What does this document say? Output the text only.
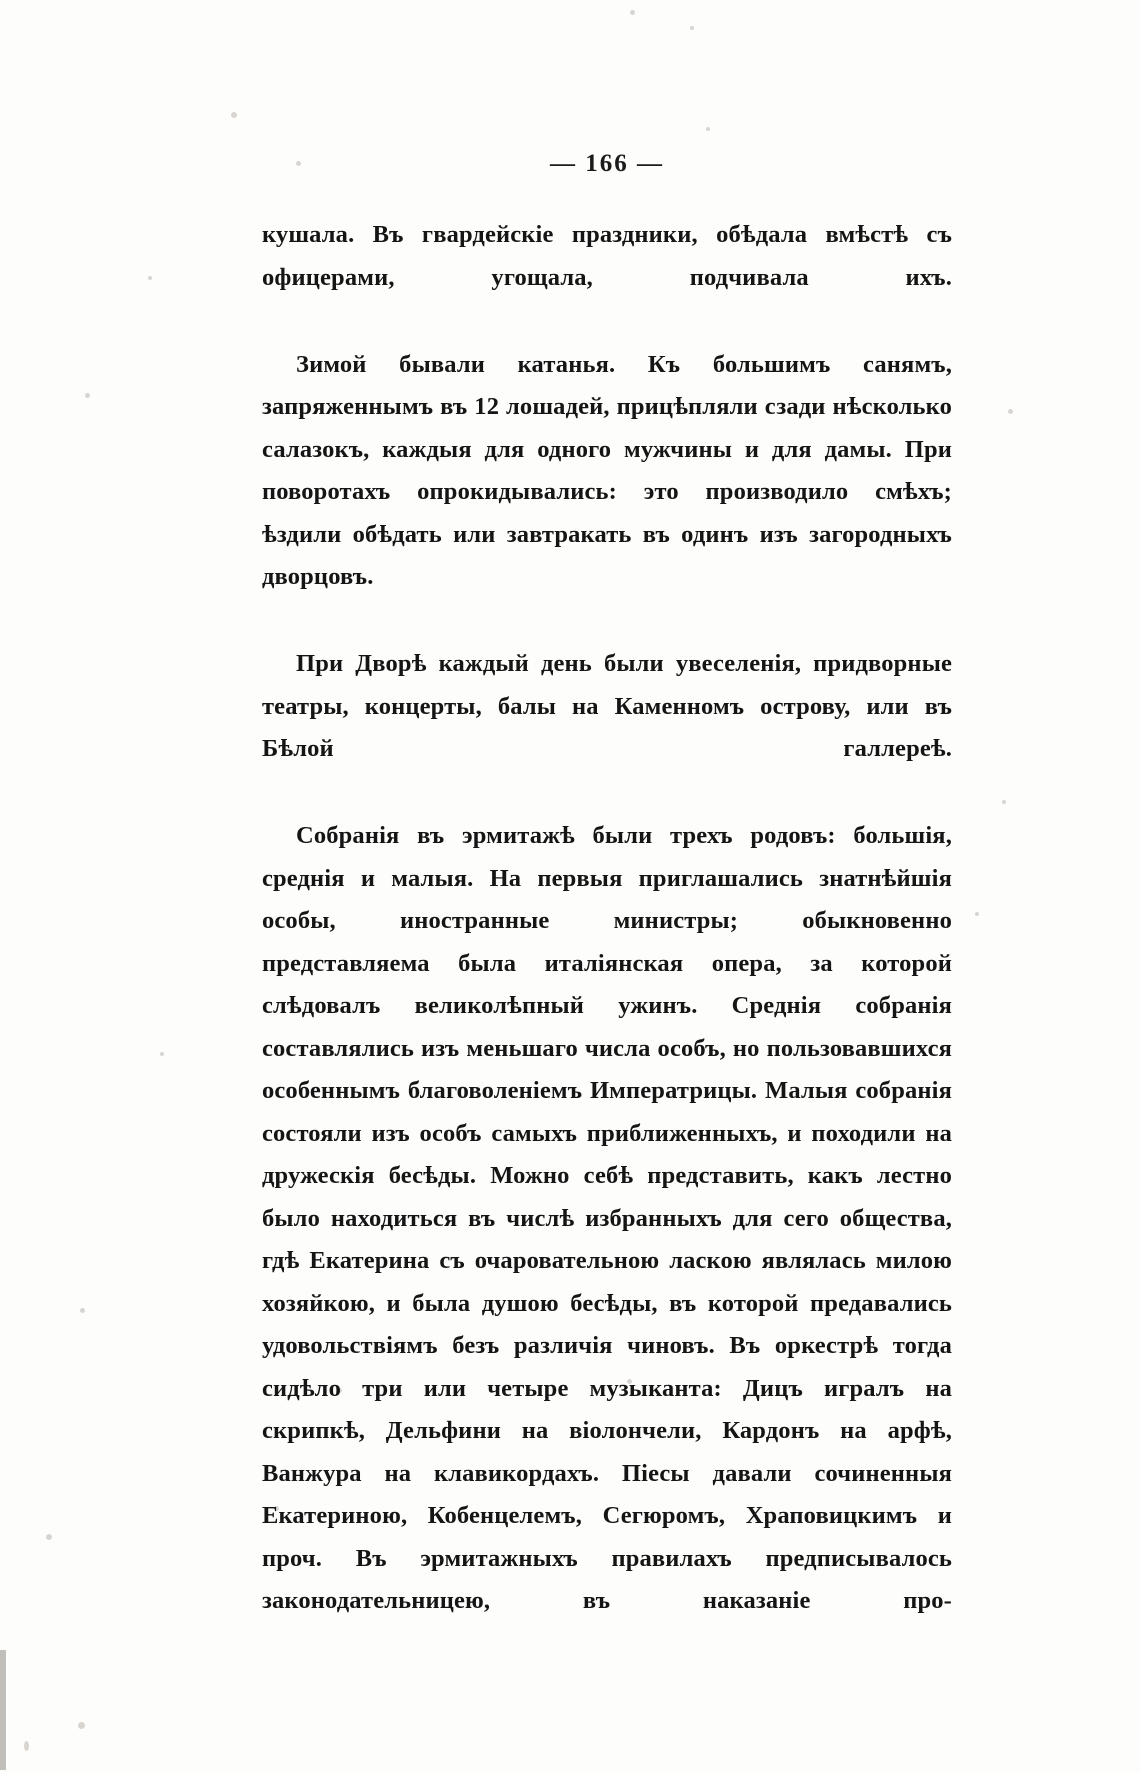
— 166 —

кушала. Въ гвардейскіе праздники, обѣдала вмѣстѣ съ офицерами, угощала, подчивала ихъ.

Зимой бывали катанья. Къ большимъ санямъ, запряженнымъ въ 12 лошадей, прицѣпляли сзади нѣсколько салазокъ, каждыя для одного мужчины и для дамы. При поворотахъ опрокидывались: это производило смѣхъ; ѣздили обѣдать или завтракать въ одинъ изъ загородныхъ дворцовъ.

При Дворѣ каждый день были увеселенія, придворные театры, концерты, балы на Каменномъ острову, или въ Бѣлой галлереѣ.

Собранія въ эрмитажѣ были трехъ родовъ: большія, среднія и малыя. На первыя приглашались знатнѣйшія особы, иностранные министры; обыкновенно представляема была италіянская опера, за которой слѣдовалъ великолѣпный ужинъ. Среднія собранія составлялись изъ меньшаго числа особъ, но пользовавшихся особеннымъ благоволеніемъ Императрицы. Малыя собранія состояли изъ особъ самыхъ приближенныхъ, и походили на дружескія бесѣды. Можно себѣ представить, какъ лестно было находиться въ числѣ избранныхъ для сего общества, гдѣ Екатерина съ очаровательною ласкою являлась милою хозяйкою, и была душою бесѣды, въ которой предавались удовольствіямъ безъ различія чиновъ. Въ оркестрѣ тогда сидѣло три или четыре музыканта: Дицъ игралъ на скрипкѣ, Дельфини на віолончели, Кардонъ на арфѣ, Ванжура на клавикордахъ. Піесы давали сочиненныя Екатериною, Кобенцелемъ, Сегюромъ, Храповицкимъ и проч. Въ эрмитажныхъ правилахъ предписывалось законодательницею, въ наказаніе про-
